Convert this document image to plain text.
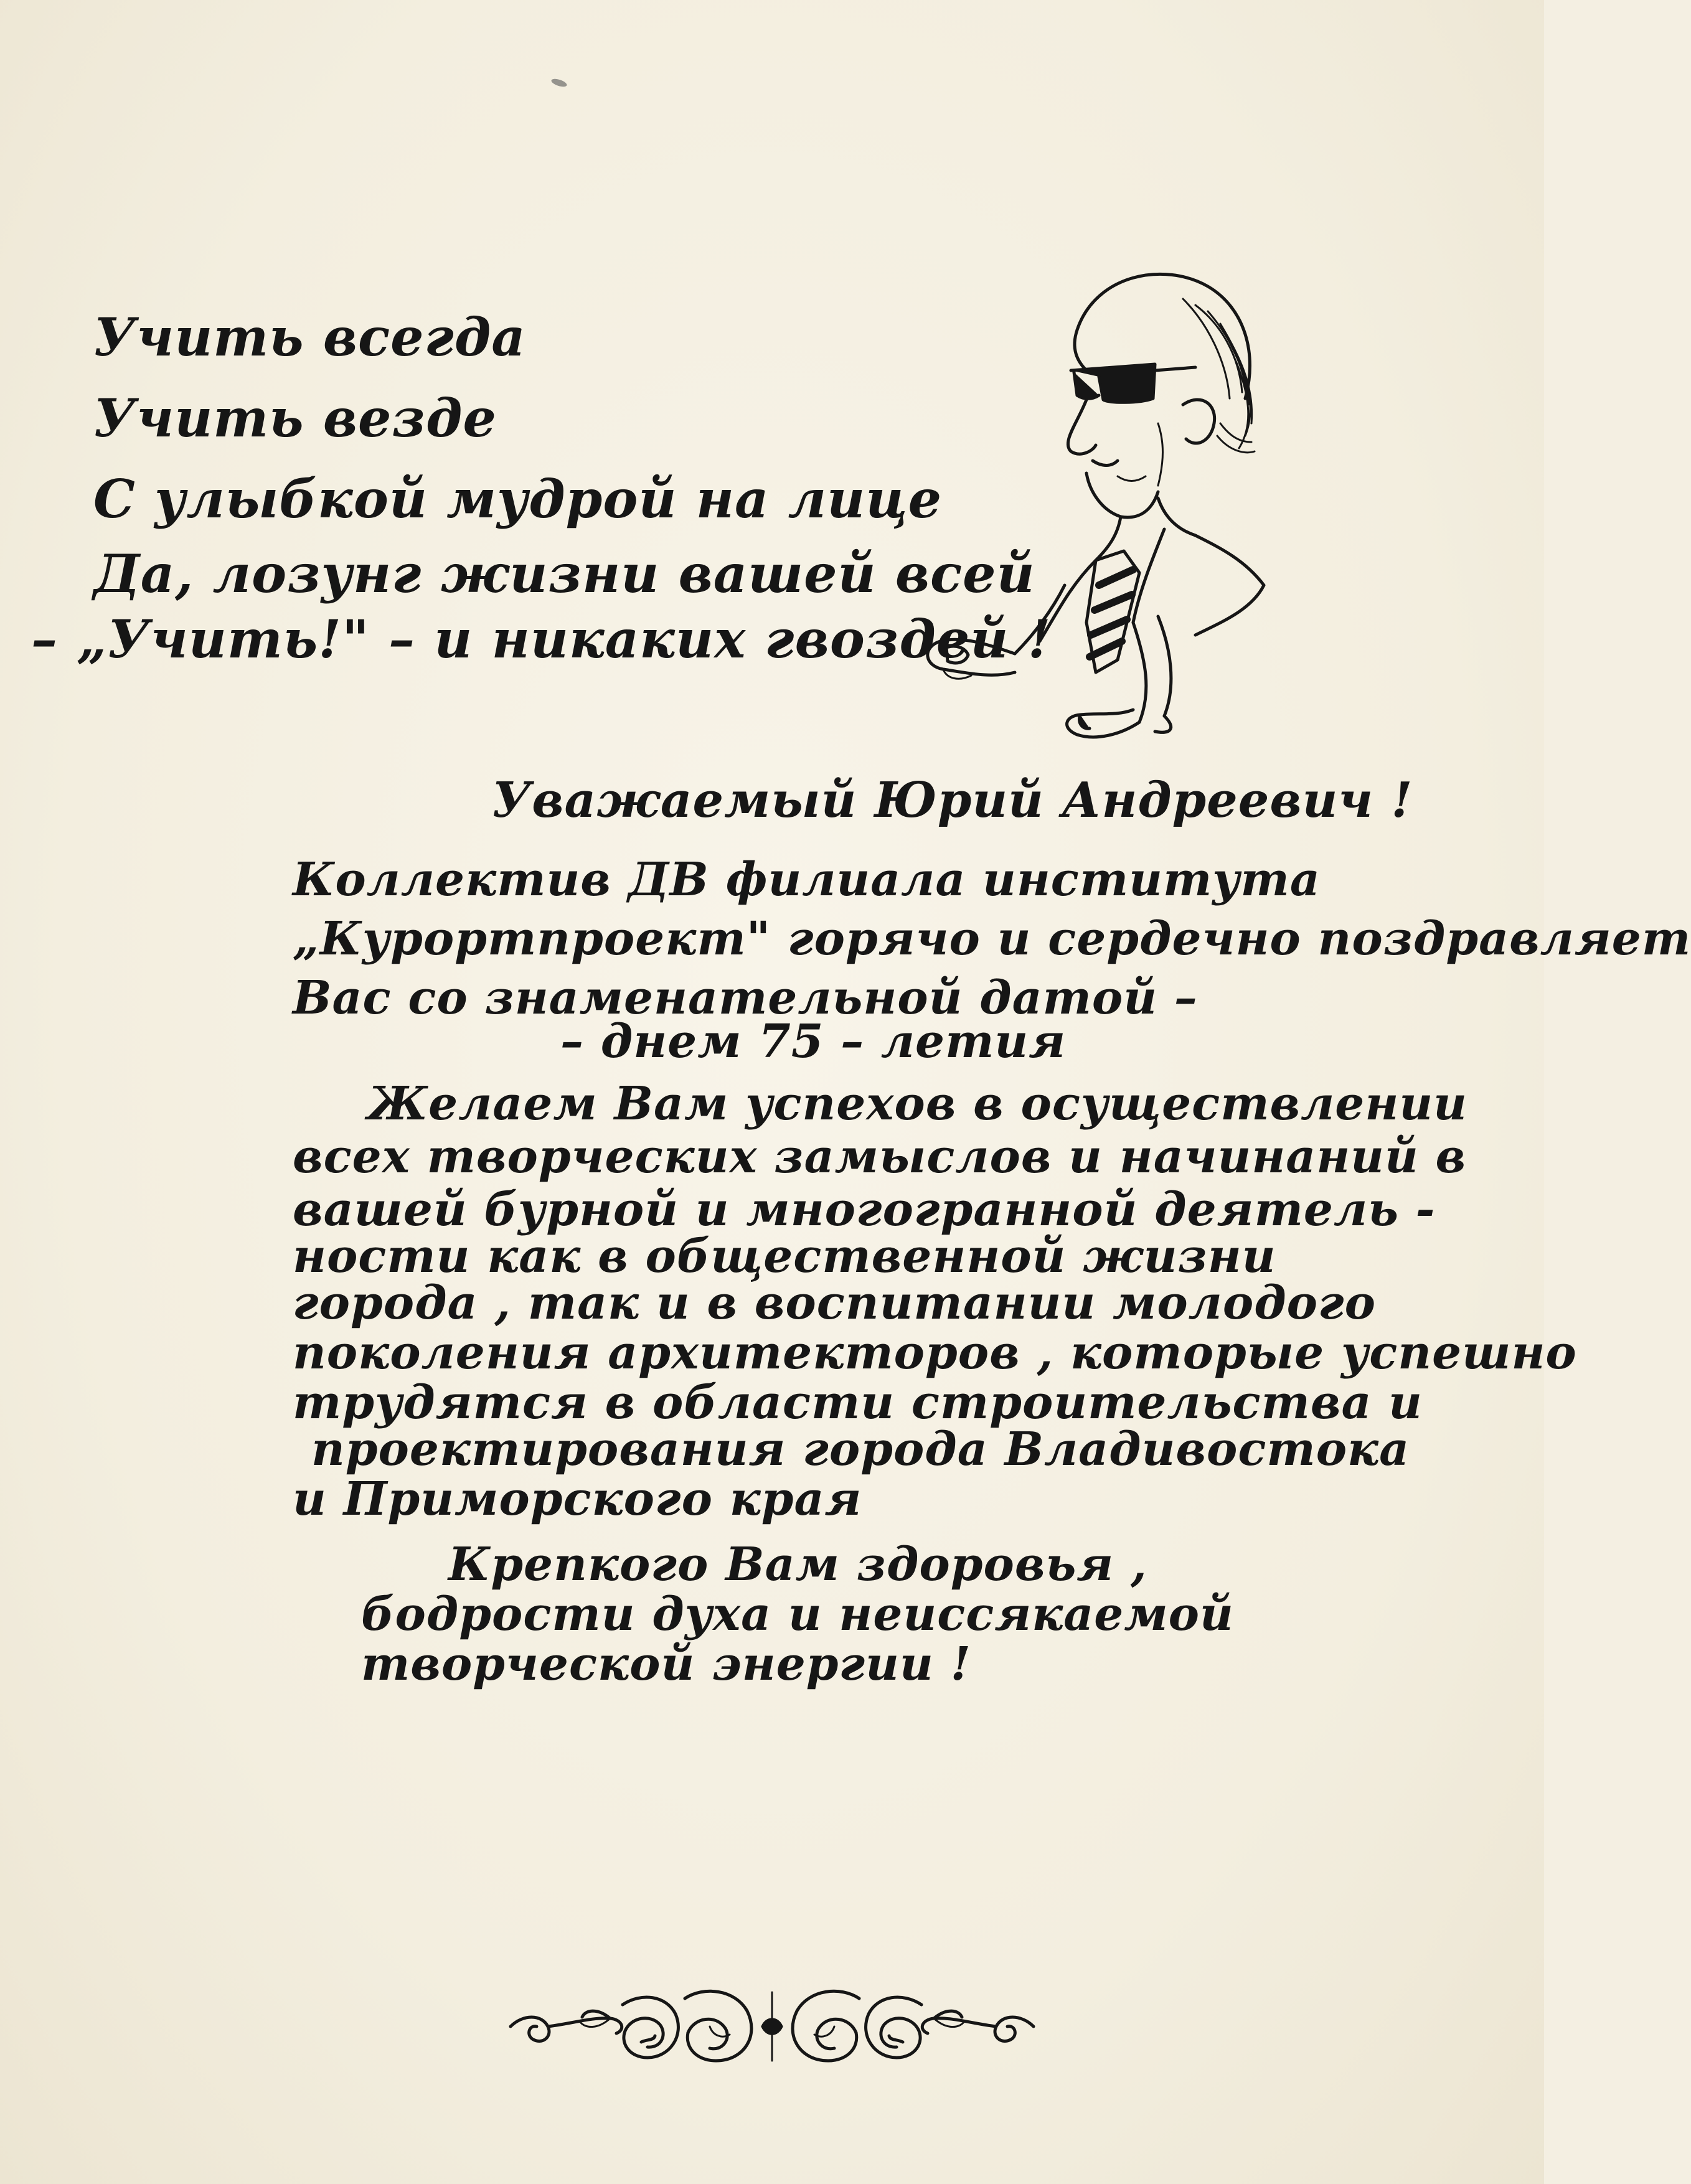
Учить всегда
Учить везде
С улыбкой мудрой на лице
Да, лозунг жизни вашей всей
– „Учить!" – и никаких гвоздей !
Уважаемый Юрий Андреевич !
Коллектив ДВ филиала института
„Курортпроект" горячо и сердечно поздравляет
Вас со знаменательной датой –
– днем 75 – летия
Желаем Вам успехов в осуществлении
всех творческих замыслов и начинаний в
вашей бурной и многогранной деятель -
ности как в общественной жизни
города , так и в воспитании молодого
поколения архитекторов , которые успешно
трудятся в области строительства и
проектирования города Владивостока
и Приморского края
Крепкого Вам здоровья ,
бодрости духа и неиссякаемой
творческой энергии !
